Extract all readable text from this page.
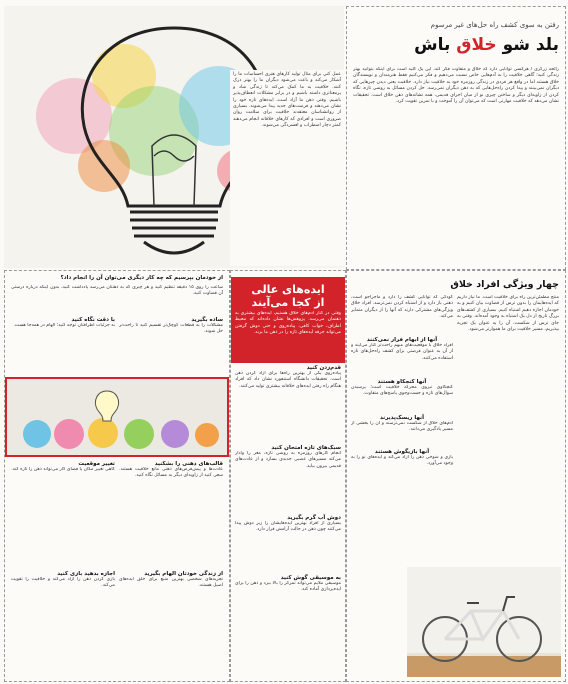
رفتن به سوی کشف راه حل‌های غیر مرسوم
بلد شو خلاق باش
رائحه زرگری / هرکسی توانایی دارد که خلاق و متفاوت فکر کند، این یک کلید است برای اینکه بتوانید بهتر زندگی کنید؛ گاهی خلاقیت را به آدم‌هایی خاص نسبت می‌دهیم و فکر می‌کنیم فقط هنرمندان و نویسندگان خلاق هستند اما در واقع هر فردی در زندگی روزمره خود به خلاقیت نیاز دارد. خلاقیت یعنی دیدن چیزهایی که دیگران نمی‌بینند و پیدا کردن راه‌حل‌هایی که به ذهن دیگران نمی‌رسد. حل کردن مسائل به روشی تازه، نگاه کردن از زاویه‌ای دیگر و ساختن چیزی نو از میان اجزای قدیمی، همه نشانه‌های ذهن خلاق است. تحقیقات نشان می‌دهد که خلاقیت مهارتی است که می‌توان آن را آموخت و با تمرین تقویت کرد.
عمل کنی برای مثال تولید کارهای هنری احساسات ما را آشکار می‌کند و باعث می‌شود دیگران ما را بهتر درک کنند. خلاقیت به ما کمک می‌کند تا زندگی شاد و پرمعناتری داشته باشیم و در برابر مشکلات انعطاف‌پذیر باشیم. وقتی ذهن ما آزاد است، ایده‌های تازه خود را نشان می‌دهند و فرصت‌های جدید پیدا می‌شوند. بسیاری از روانشناسان معتقدند خلاقیت برای سلامت روان ضروری است و افرادی که کارهای خلاقانه انجام می‌دهند کمتر دچار اضطراب و افسردگی می‌شوند.
چهار ویژگی افراد خلاق
کودکی که توانایی کشف را دارد و ماجراجو است، ذهنی باز دارد و از اشتباه کردن نمی‌ترسد. افراد خلاق ویژگی‌های مشترکی دارند که آنها را از دیگران متمایز می‌کند.
آنها از ابهام فرار نمی‌کنند
افراد خلاق با موقعیت‌های مبهم راحت‌تر کنار می‌آیند و از آن به عنوان فرصتی برای کشف راه‌حل‌های تازه استفاده می‌کنند.
آنها کنجکاو هستند
کنجکاوی نیروی محرکه خلاقیت است؛ پرسیدن سوال‌های تازه و جست‌وجوی پاسخ‌های متفاوت.
آنها ریسک‌پذیرند
آدم‌های خلاق از شکست نمی‌ترسند و آن را بخشی از مسیر یادگیری می‌دانند.
آنها بازیگوش هستند
بازی و شوخی ذهن را آزاد می‌کند و ایده‌های نو را به وجود می‌آورد.
منتج مطمئن‌ترین راه برای خلاقیت است. ما نیاز داریم که ایده‌هایمان را بدون ترس از قضاوت بیان کنیم و به خودمان اجازه دهیم اشتباه کنیم. بسیاری از کشف‌های بزرگ تاریخ از دل یک اشتباه به وجود آمده‌اند. وقتی به جای ترس از شکست، آن را به عنوان یک تجربه بپذیریم، مسیر خلاقیت برای ما هموارتر می‌شود.
ایده‌های عالی
از کجا می‌آیند
وقتی در کنار آدم‌های خلاق هستیم، ایده‌های بیشتری به ذهنمان می‌رسد. پژوهش‌ها نشان داده‌اند که محیط اطراف، خواب کافی، پیاده‌روی و حتی دوش گرفتن می‌تواند جرقه ایده‌های تازه را در ذهن ما بزند.
قدم‌زدن کنید
پیاده‌روی یکی از بهترین راه‌ها برای آزاد کردن ذهن است. تحقیقات دانشگاه استنفورد نشان داد که افراد هنگام راه رفتن ایده‌های خلاقانه بیشتری تولید می‌کنند.
سبک‌های تازه امتحان کنید
انجام کارهای روزمره به روشی تازه، مغز را وادار می‌کند مسیرهای عصبی جدیدی بسازد و از عادت‌های قدیمی بیرون بیاید.
دوش آب گرم بگیرید
بسیاری از افراد بهترین ایده‌هایشان را زیر دوش پیدا می‌کنند چون ذهن در حالت آرامش قرار دارد.
به موسیقی گوش کنید
موسیقی ملایم می‌تواند تمرکز را بالا ببرد و ذهن را برای ایده‌پردازی آماده کند.
از خودمان بپرسیم که چه کار دیگری می‌توان آن را انجام داد؟
ساعت را روی ۱۵ دقیقه تنظیم کنید و هر چیزی که به ذهنتان می‌رسد یادداشت کنید، بدون اینکه درباره درستی آن قضاوت کنید.
ساده بگیرید
مشکلات را به قطعات کوچک‌تر تقسیم کنید تا راحت‌تر حل شوند.
با دقت نگاه کنید
به جزئیات اطرافتان توجه کنید؛ الهام در همه‌جا هست.
قالب‌های ذهنی را بشکنید
عادت‌ها و پیش‌فرض‌های ذهنی مانع خلاقیت هستند. سعی کنید از زاویه‌ای دیگر به مسائل نگاه کنید.
تغییر موقعیت
گاهی تغییر مکان یا فضای کار می‌تواند ذهن را تازه کند.
از زندگی خودتان الهام بگیرید
تجربه‌های شخصی بهترین منبع برای خلق ایده‌های اصیل هستند.
اجازه بدهید بازی کنید
بازی کردن ذهن را آزاد می‌کند و خلاقیت را تقویت می‌کند.
